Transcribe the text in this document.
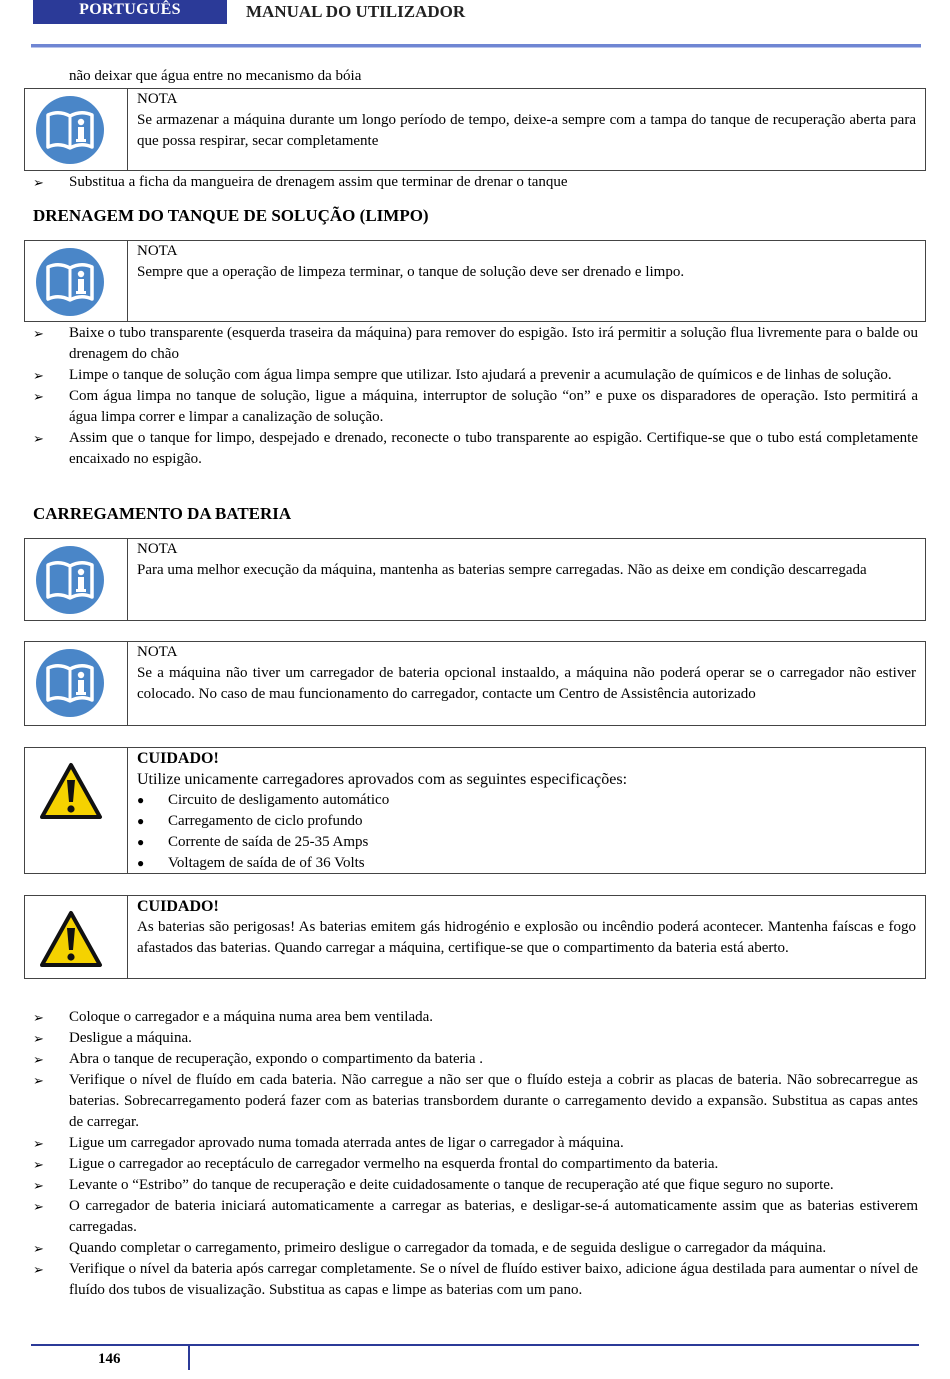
PORTUGUÊS	MANUAL DO UTILIZADOR
não deixar que água entre no mecanismo da bóia
NOTA
Se armazenar a máquina durante um longo período de tempo, deixe-a sempre com a tampa do tanque de recuperação aberta para que possa respirar, secar completamente
➢ Substitua a ficha da mangueira de drenagem assim que terminar de drenar o tanque
DRENAGEM DO TANQUE DE SOLUÇÃO (LIMPO)
NOTA
Sempre que a operação de limpeza terminar, o tanque de solução deve ser drenado e limpo.
➢ Baixe o tubo transparente (esquerda traseira da máquina) para remover do espigão. Isto irá permitir a solução flua livremente para o balde ou drenagem do chão
➢ Limpe o tanque de solução com água limpa sempre que utilizar. Isto ajudará a prevenir a acumulação de químicos e de linhas de solução.
➢ Com água limpa no tanque de solução, ligue a máquina, interruptor de solução “on” e puxe os disparadores de operação. Isto permitirá a água limpa correr e limpar a canalização de solução.
➢ Assim que o tanque for limpo, despejado e drenado, reconecte o tubo transparente ao espigão. Certifique-se que o tubo está completamente encaixado no espigão.
CARREGAMENTO DA BATERIA
NOTA
Para uma melhor execução da máquina, mantenha as baterias sempre carregadas. Não as deixe em condição descarregada
NOTA
Se a máquina não tiver um carregador de bateria opcional instaaldo, a máquina não poderá operar se o carregador não estiver colocado. No caso de mau funcionamento do carregador, contacte um Centro de Assistência autorizado
CUIDADO!
Utilize unicamente carregadores aprovados com as seguintes especificações:
● Circuito de desligamento automático
● Carregamento de ciclo profundo
● Corrente de saída de 25-35 Amps
● Voltagem de saída de of 36 Volts
CUIDADO!
As baterias são perigosas! As baterias emitem gás hidrogénio e explosão ou incêndio poderá acontecer. Mantenha faíscas e fogo afastados das baterias. Quando carregar a máquina, certifique-se que o compartimento da bateria está aberto.
➢ Coloque o carregador e a máquina numa area bem ventilada.
➢ Desligue a máquina.
➢ Abra o tanque de recuperação, expondo o compartimento da bateria .
➢ Verifique o nível de fluído em cada bateria. Não carregue a não ser que o fluído esteja a cobrir as placas de bateria. Não sobrecarregue as baterias. Sobrecarregamento poderá fazer com as baterias transbordem durante o carregamento devido a expansão. Substitua as capas antes de carregar.
➢ Ligue um carregador aprovado numa tomada aterrada antes de ligar o carregador à máquina.
➢ Ligue o carregador ao receptáculo de carregador vermelho na esquerda frontal do compartimento da bateria.
➢ Levante o “Estribo” do tanque de recuperação e deite cuidadosamente o tanque de recuperação até que fique seguro no suporte.
➢ O carregador de bateria iniciará automaticamente a carregar as baterias, e desligar-se-á automaticamente assim que as baterias estiverem carregadas.
➢ Quando completar o carregamento, primeiro desligue o carregador da tomada, e de seguida desligue o carregador da máquina.
➢ Verifique o nível da bateria após carregar completamente. Se o nível de fluído estiver baixo, adicione água destilada para aumentar o nível de fluído dos tubos de visualização. Substitua as capas e limpe as baterias com um pano.
146
